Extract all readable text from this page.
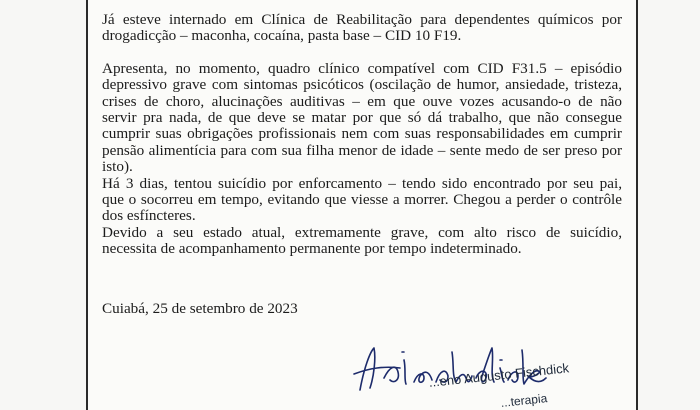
Já esteve internado em Clínica de Reabilitação para dependentes químicos por
drogadicção – maconha, cocaína, pasta base – CID 10 F19.

Apresenta, no momento, quadro clínico compatível com CID F31.5 – episódio
depressivo grave com sintomas psicóticos (oscilação de humor, ansiedade, tristeza,
crises de choro, alucinações auditivas – em que ouve vozes acusando-o de não
servir pra nada, de que deve se matar por que só dá trabalho, que não consegue
cumprir suas obrigações profissionais nem com suas responsabilidades em cumprir
pensão alimentícia para com sua filha menor de idade – sente medo de ser preso por
isto).

Há 3 dias, tentou suicídio por enforcamento – tendo sido encontrado por seu pai,
que o socorreu em tempo, evitando que viesse a morrer. Chegou a perder o contrôle
dos esfíncteres.

Devido a seu estado atual, extremamente grave, com alto risco de suicídio,
necessita de acompanhamento permanente por tempo indeterminado.

Cuiabá, 25 de setembro de 2023
...eno Augusto Fischdick
...terapia
